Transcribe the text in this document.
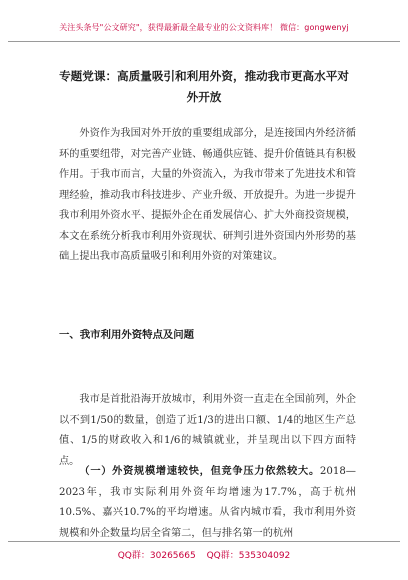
关注头条号"公文研究"，获得最新最全最专业的公文资料库！ 微信：gongwenyj
专题党课：高质量吸引和利用外资，推动我市更高水平对外开放

外资作为我国对外开放的重要组成部分，是连接国内外经济循环的重要纽带，对完善产业链、畅通供应链、提升价值链具有积极作用。于我市而言，大量的外资流入，为我市带来了先进技术和管理经验，推动我市科技进步、产业升级、开放提升。为进一步提升我市利用外资水平、提振外企在甬发展信心、扩大外商投资规模，本文在系统分析我市利用外资现状、研判引进外资国内外形势的基础上提出我市高质量吸引和利用外资的对策建议。

一、我市利用外资特点及问题

我市是首批沿海开放城市，利用外资一直走在全国前列，外企以不到1/50的数量，创造了近1/3的进出口额、1/4的地区生产总值、1/5的财政收入和1/6的城镇就业，并呈现出以下四方面特点。

（一）外资规模增速较快，但竞争压力依然较大。2018—2023年，我市实际利用外资年均增速为17.7%，高于杭州10.5%、嘉兴10.7%的平均增速。从省内城市看，我市利用外资规模和外企数量均居全省第二，但与排名第一的杭州

QQ群：30265665 QQ群：535304092
